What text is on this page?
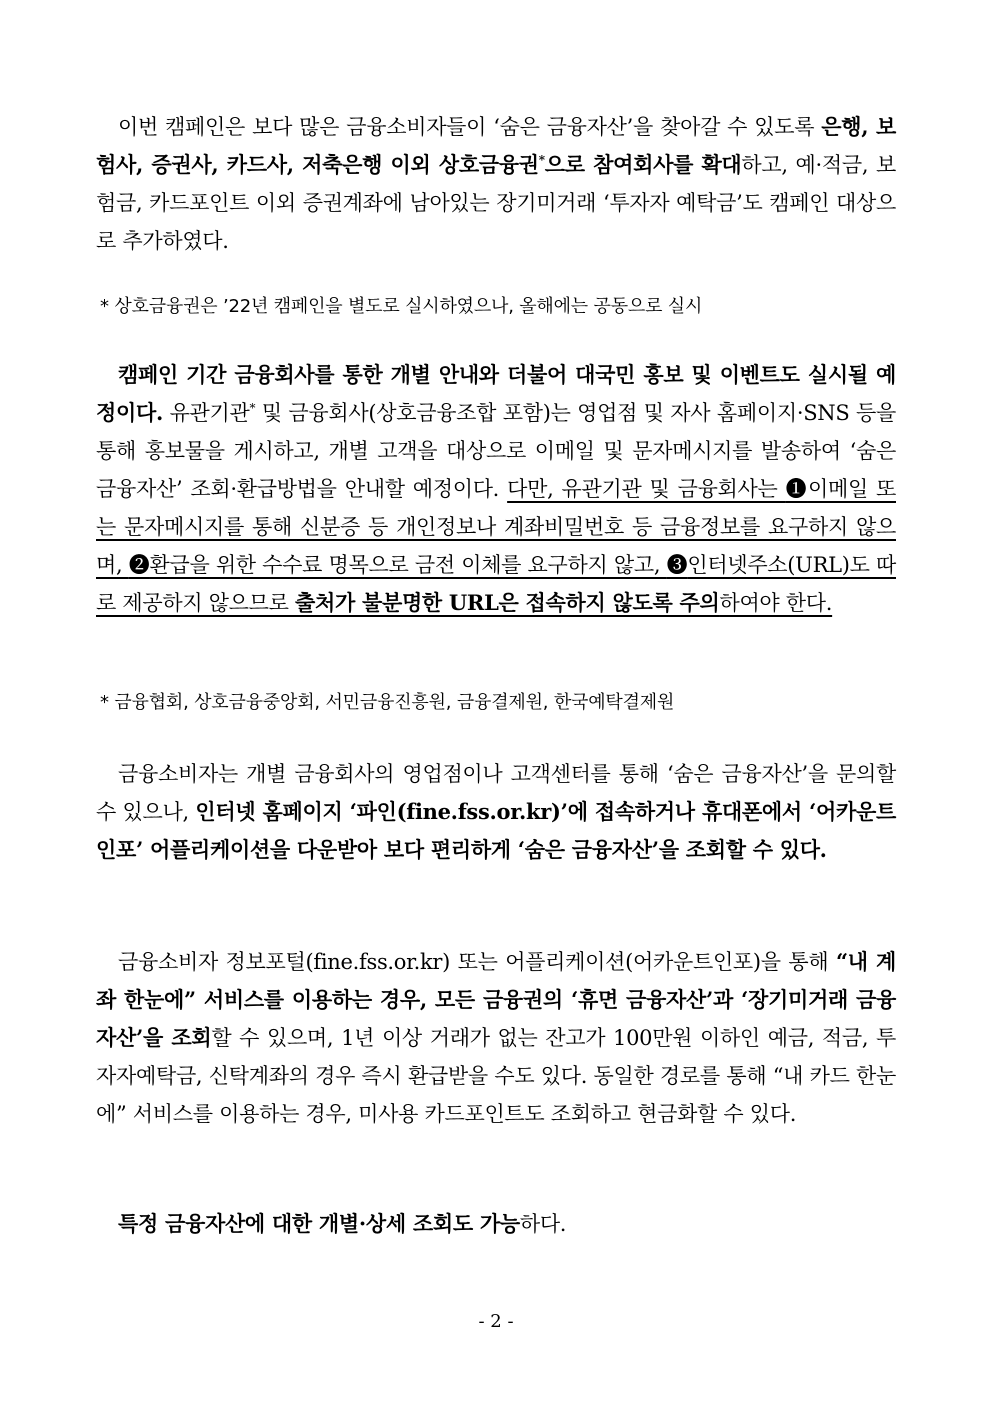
이번 캠페인은 보다 많은 금융소비자들이 ‘숨은 금융자산’을 찾아갈 수 있도록 은행, 보험사, 증권사, 카드사, 저축은행 이외 상호금융권*으로 참여회사를 확대하고, 예·적금, 보험금, 카드포인트 이외 증권계좌에 남아있는 장기미거래 ‘투자자 예탁금’도 캠페인 대상으로 추가하였다.

* 상호금융권은 ’22년 캠페인을 별도로 실시하였으나, 올해에는 공동으로 실시

캠페인 기간 금융회사를 통한 개별 안내와 더불어 대국민 홍보 및 이벤트도 실시될 예정이다. 유관기관* 및 금융회사(상호금융조합 포함)는 영업점 및 자사 홈페이지·SNS 등을 통해 홍보물을 게시하고, 개별 고객을 대상으로 이메일 및 문자메시지를 발송하여 ‘숨은 금융자산’ 조회·환급방법을 안내할 예정이다. 다만, 유관기관 및 금융회사는 ❶이메일 또는 문자메시지를 통해 신분증 등 개인정보나 계좌비밀번호 등 금융정보를 요구하지 않으며, ❷환급을 위한 수수료 명목으로 금전 이체를 요구하지 않고, ❸인터넷주소(URL)도 따로 제공하지 않으므로 출처가 불분명한 URL은 접속하지 않도록 주의하여야 한다.

* 금융협회, 상호금융중앙회, 서민금융진흥원, 금융결제원, 한국예탁결제원

금융소비자는 개별 금융회사의 영업점이나 고객센터를 통해 ‘숨은 금융자산’을 문의할 수 있으나, 인터넷 홈페이지 ‘파인(fine.fss.or.kr)’에 접속하거나 휴대폰에서 ‘어카운트인포’ 어플리케이션을 다운받아 보다 편리하게 ‘숨은 금융자산’을 조회할 수 있다.

금융소비자 정보포털(fine.fss.or.kr) 또는 어플리케이션(어카운트인포)을 통해 “내 계좌 한눈에” 서비스를 이용하는 경우, 모든 금융권의 ‘휴면 금융자산’과 ‘장기미거래 금융자산’을 조회할 수 있으며, 1년 이상 거래가 없는 잔고가 100만원 이하인 예금, 적금, 투자자예탁금, 신탁계좌의 경우 즉시 환급받을 수도 있다. 동일한 경로를 통해 “내 카드 한눈에” 서비스를 이용하는 경우, 미사용 카드포인트도 조회하고 현금화할 수 있다.

특정 금융자산에 대한 개별·상세 조회도 가능하다.

- 2 -
